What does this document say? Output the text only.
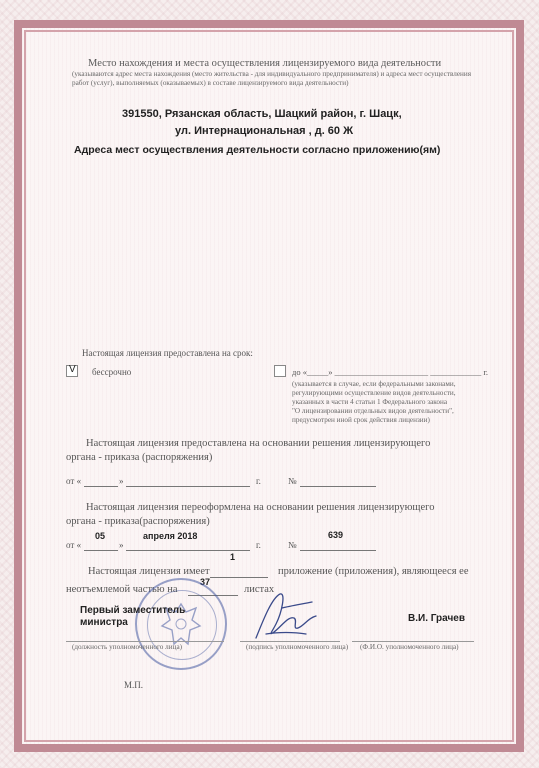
Место нахождения и места осуществления лицензируемого вида деятельности
(указываются адрес места нахождения (место жительства - для индивидуального предпринимателя) и адреса мест осуществления
работ (услуг), выполняемых (оказываемых) в составе лицензируемого вида деятельности)
391550, Рязанская область, Шацкий район, г. Шацк,
ул. Интернациональная , д. 60 Ж
Адреса мест осуществления деятельности согласно приложению(ям)
Настоящая лицензия предоставлена на срок:
V бессрочно	до «_____» ______________________ ____________ г.
(указывается в случае, если федеральными законами,
регулирующими осуществление видов деятельности,
указанных в части 4 статьи 1 Федерального закона
"О лицензировании отдельных видов деятельности",
предусмотрен иной срок действия лицензии)
Настоящая лицензия предоставлена на основании решения лицензирующего
органа - приказа (распоряжения)
от «	»	г.	№
Настоящая лицензия переоформлена на основании решения лицензирующего
органа - приказа(распоряжения)
от «
05
»
апреля 2018
г.	№
639
1
Настоящая лицензия имеет	приложение (приложения), являющееся ее
неотъемлемой частью на
37
листах
Первый заместитель
министра	В.И. Грачев
(должность уполномоченного лица)	(подпись уполномоченного лица) (Ф.И.О. уполномоченного лица)
М.П.
